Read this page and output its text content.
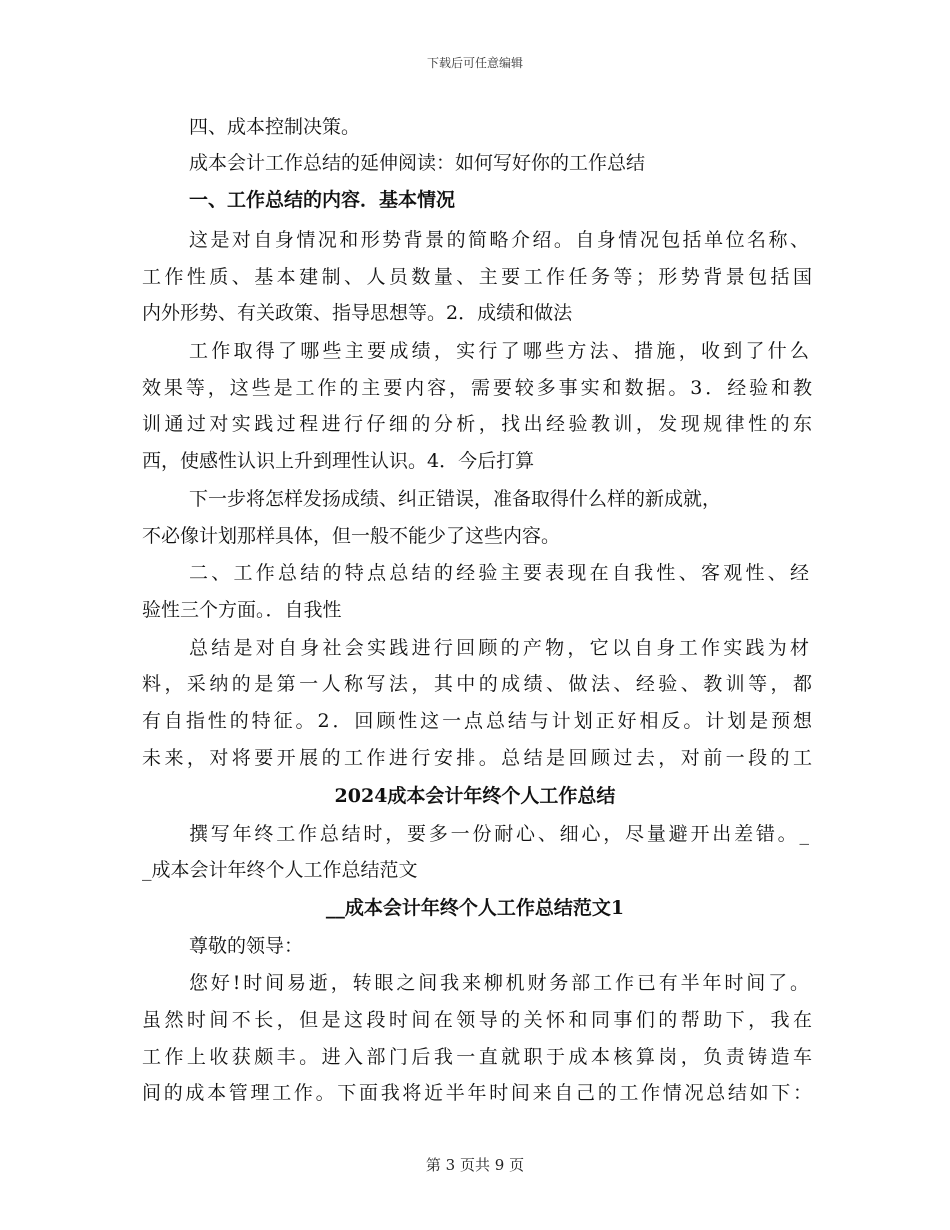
下载后可任意编辑
四、成本控制决策。
成本会计工作总结的延伸阅读：如何写好你的工作总结
一、工作总结的内容．基本情况
这是对自身情况和形势背景的简略介绍。自身情况包括单位名称、
工作性质、基本建制、人员数量、主要工作任务等；形势背景包括国
内外形势、有关政策、指导思想等。2．成绩和做法
工作取得了哪些主要成绩，实行了哪些方法、措施，收到了什么
效果等，这些是工作的主要内容，需要较多事实和数据。3．经验和教
训通过对实践过程进行仔细的分析，找出经验教训，发现规律性的东
西，使感性认识上升到理性认识。4．今后打算
下一步将怎样发扬成绩、纠正错误，准备取得什么样的新成就，
不必像计划那样具体，但一般不能少了这些内容。
二、工作总结的特点总结的经验主要表现在自我性、客观性、经
验性三个方面。．自我性
总结是对自身社会实践进行回顾的产物，它以自身工作实践为材
料，采纳的是第一人称写法，其中的成绩、做法、经验、教训等，都
有自指性的特征。2．回顾性这一点总结与计划正好相反。计划是预想
未来，对将要开展的工作进行安排。总结是回顾过去，对前一段的工
2024成本会计年终个人工作总结
撰写年终工作总结时，要多一份耐心、细心，尽量避开出差错。_
_成本会计年终个人工作总结范文
__成本会计年终个人工作总结范文1
尊敬的领导：
您好!时间易逝，转眼之间我来柳机财务部工作已有半年时间了。
虽然时间不长，但是这段时间在领导的关怀和同事们的帮助下，我在
工作上收获颇丰。进入部门后我一直就职于成本核算岗，负责铸造车
间的成本管理工作。下面我将近半年时间来自己的工作情况总结如下：
第 3 页共 9 页
